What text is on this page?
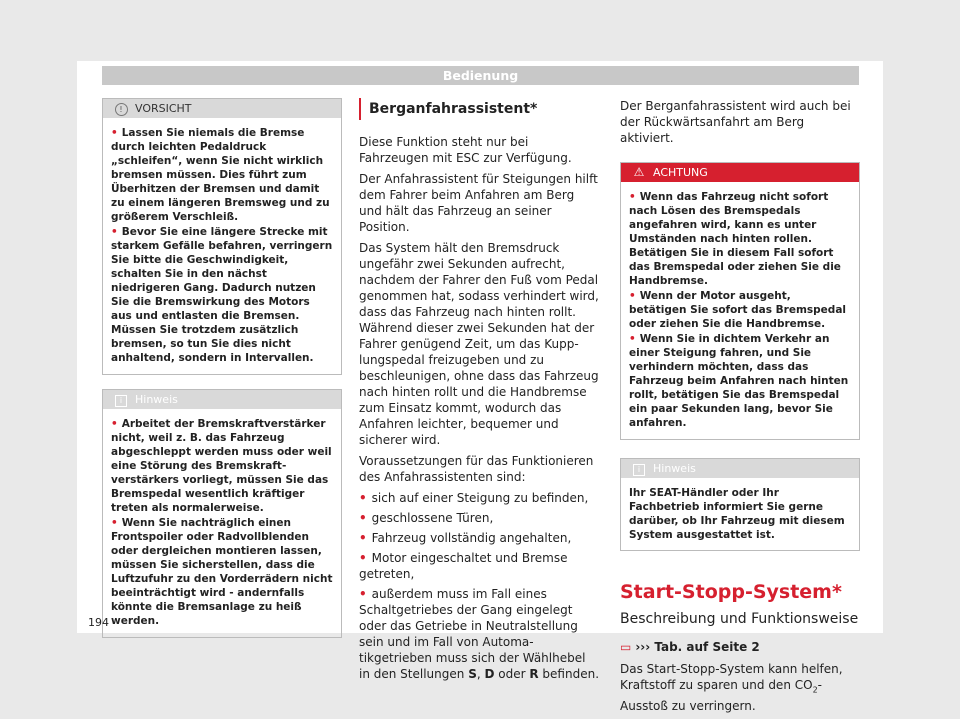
Bedienung
!	VORSICHT

• Lassen Sie niemals die Bremse durch leichten Pedaldruck „schleifen“, wenn Sie nicht wirklich bremsen müssen. Dies führt zum Überhitzen der Bremsen und damit zu einem längeren Bremsweg und zu größerem Verschleiß.

• Bevor Sie eine längere Strecke mit starkem Gefälle befahren, verringern Sie bitte die Geschwindigkeit, schalten Sie in den nächst niedrigeren Gang. Dadurch nutzen Sie die Bremswirkung des Motors aus und entlasten die Bremsen. Müssen Sie trotzdem zusätzlich bremsen, so tun Sie dies nicht anhaltend, sondern in Intervallen.

i	Hinweis

• Arbeitet der Bremskraftverstärker nicht, weil z. B. das Fahrzeug abgeschleppt werden muss oder weil eine Störung des Bremskraftverstärkers vorliegt, müssen Sie das Bremspedal wesentlich kräftiger treten als normalerweise.

• Wenn Sie nachträglich einen Frontspoiler oder Radvollblenden oder dergleichen montieren lassen, müssen Sie sicherstellen, dass die Luftzufuhr zu den Vorderrädern nicht beeinträchtigt wird - andernfalls könnte die Bremsanlage zu heiß werden.

Berganfahrassistent*

Diese Funktion steht nur bei Fahrzeugen mit ESC zur Verfügung.

Der Anfahrassistent für Steigungen hilft dem Fahrer beim Anfahren am Berg und hält das Fahrzeug an seiner Position.

Das System hält den Bremsdruck ungefähr zwei Sekunden aufrecht, nachdem der Fahrer den Fuß vom Pedal genommen hat, sodass verhindert wird, dass das Fahrzeug nach hinten rollt. Während dieser zwei Sekunden hat der Fahrer genügend Zeit, um das Kupplungspedal freizugeben und zu beschleunigen, ohne dass das Fahrzeug nach hinten rollt und die Handbremse zum Einsatz kommt, wodurch das Anfahren leichter, bequemer und sicherer wird.

Voraussetzungen für das Funktionieren des Anfahrassistenten sind:

• sich auf einer Steigung zu befinden,
• geschlossene Türen,
• Fahrzeug vollständig angehalten,
• Motor eingeschaltet und Bremse getreten,
• außerdem muss im Fall eines Schaltgetriebes der Gang eingelegt oder das Getriebe in Neutralstellung sein und im Fall von Automatikgetrieben muss sich der Wählhebel in den Stellungen S, D oder R befinden.

Der Berganfahrassistent wird auch bei der Rückwärtsanfahrt am Berg aktiviert.

⚠ ACHTUNG

• Wenn das Fahrzeug nicht sofort nach Lösen des Bremspedals angefahren wird, kann es unter Umständen nach hinten rollen. Betätigen Sie in diesem Fall sofort das Bremspedal oder ziehen Sie die Handbremse.

• Wenn der Motor ausgeht, betätigen Sie sofort das Bremspedal oder ziehen Sie die Handbremse.

• Wenn Sie in dichtem Verkehr an einer Steigung fahren, und Sie verhindern möchten, dass das Fahrzeug beim Anfahren nach hinten rollt, betätigen Sie das Bremspedal ein paar Sekunden lang, bevor Sie anfahren.

i	Hinweis

Ihr SEAT-Händler oder Ihr Fachbetrieb informiert Sie gerne darüber, ob Ihr Fahrzeug mit diesem System ausgestattet ist.

Start-Stopp-System*
Beschreibung und Funktionsweise
▭ ››› Tab. auf Seite 2

Das Start-Stopp-System kann helfen, Kraftstoff zu sparen und den $CO_2$-Ausstoß zu verringern.

194
